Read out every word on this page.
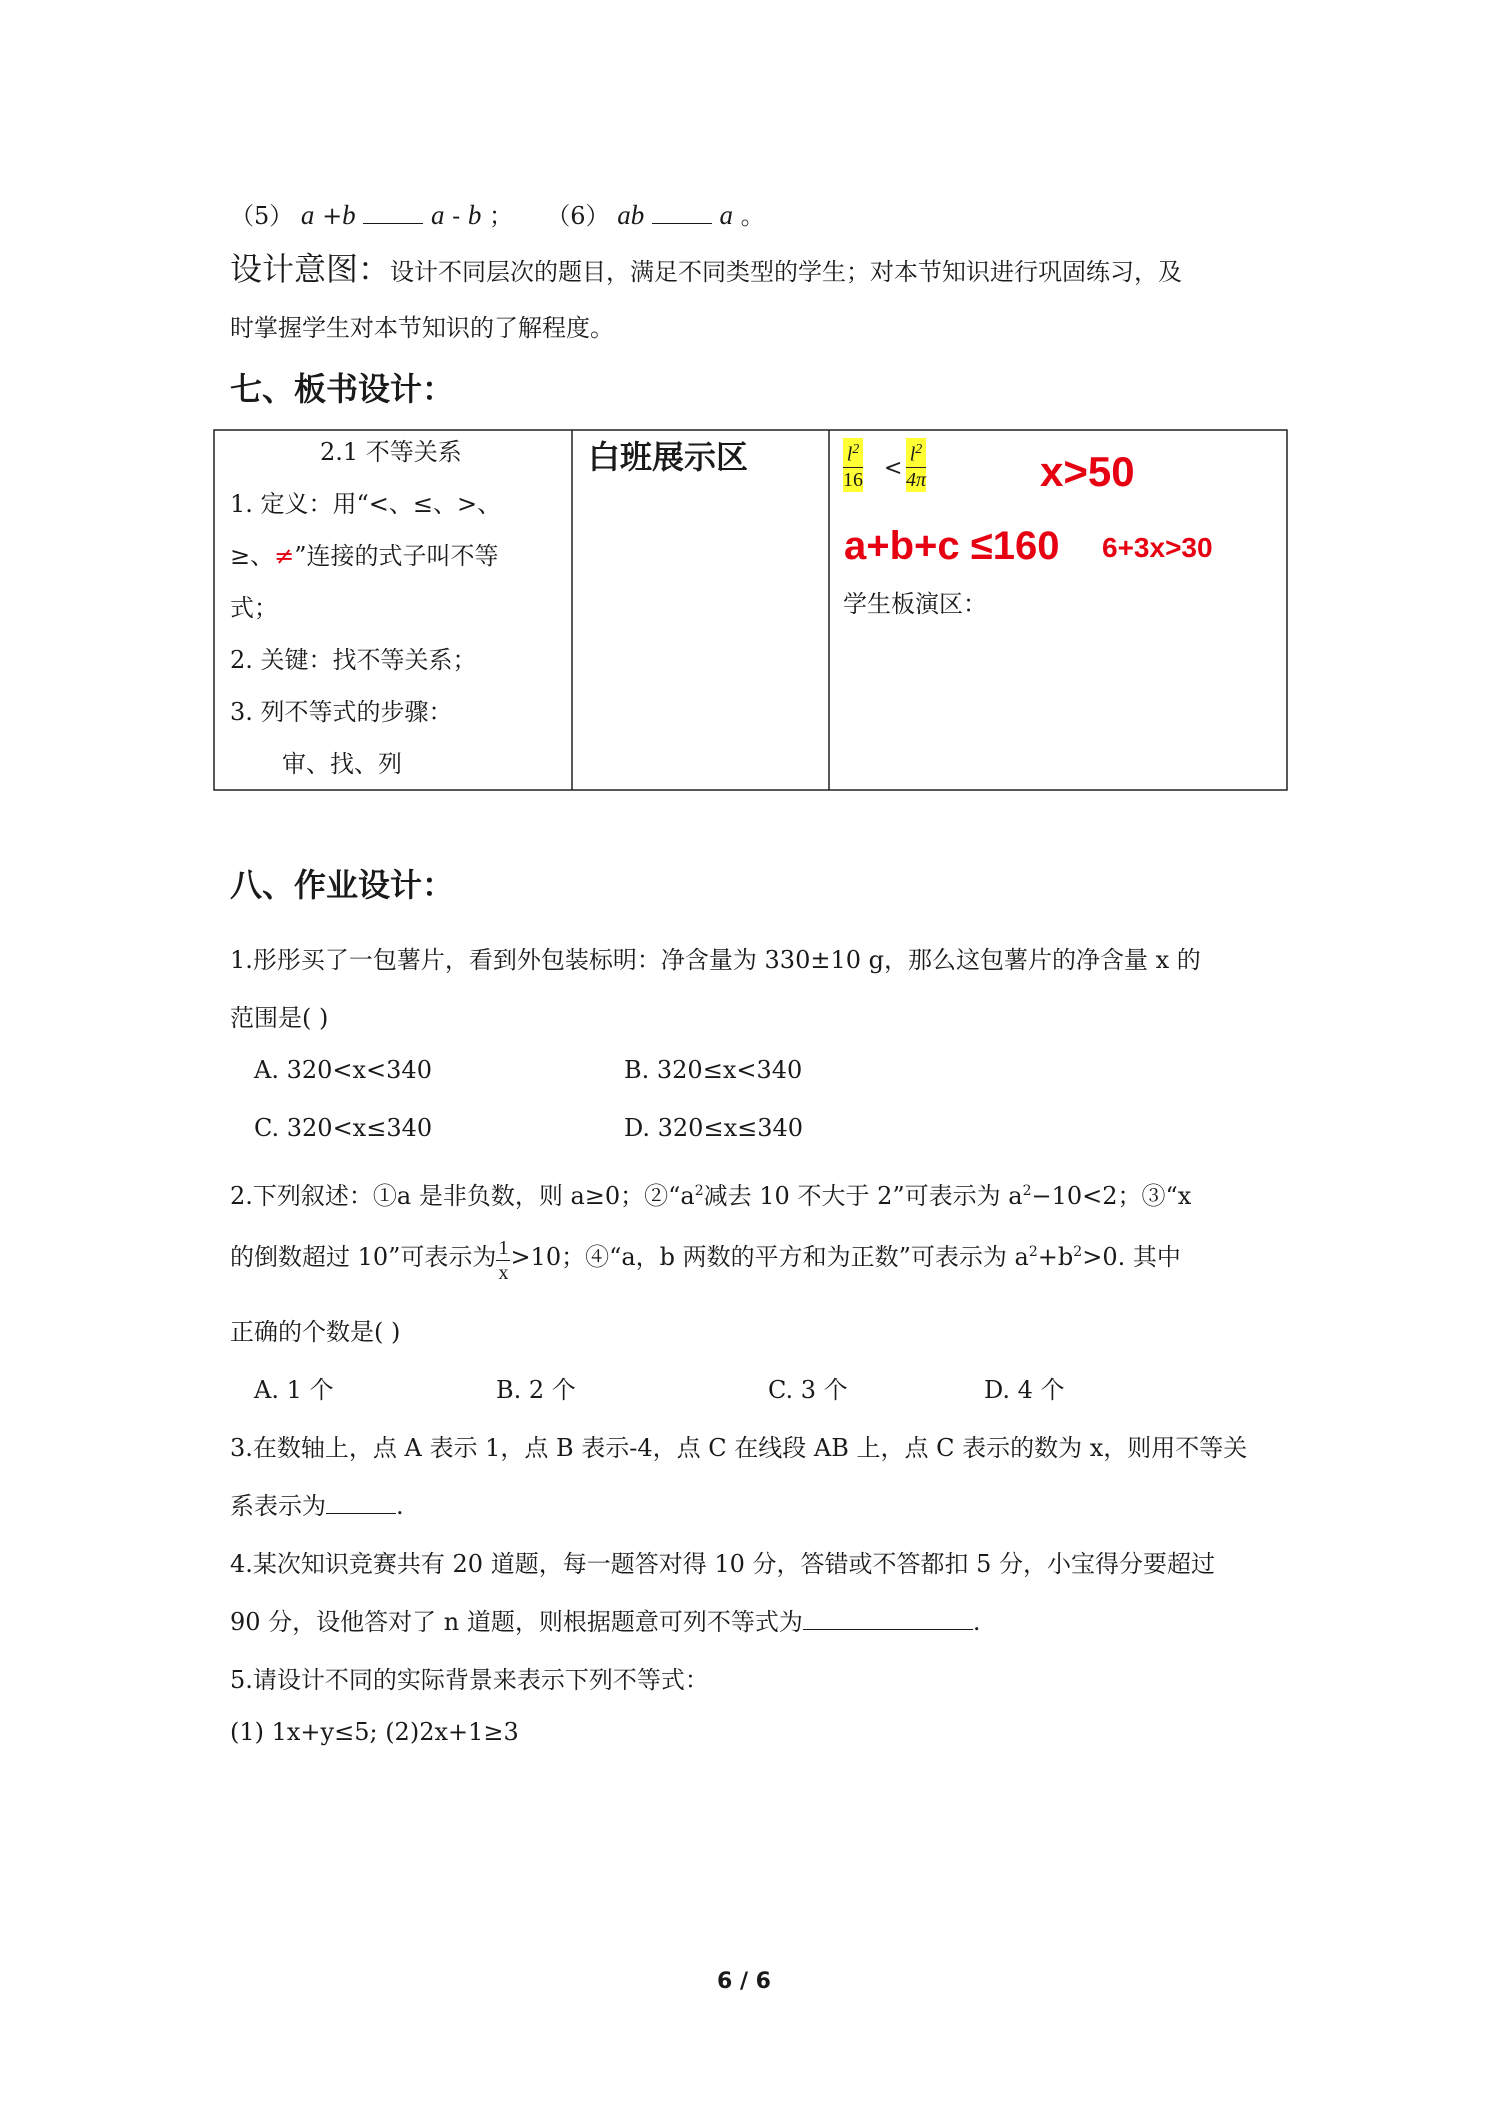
（5） a +b	a - b ； （6） ab	a 。
设计意图：设计不同层次的题目，满足不同类型的学生；对本节知识进行巩固练习，及
时掌握学生对本节知识的了解程度。
七、板书设计：
2.1 不等关系
1. 定义：用“<、≤、>、
≥、≠”连接的式子叫不等
式；
2. 关键：找不等关系；
3. 列不等式的步骤：
审、找、列
白班展示区	$\frac{l^2}{16} < \frac{l^2}{4\pi}$	x>50
a+b+c ≤160 6+3x>30
学生板演区：
八、作业设计：
1.彤彤买了一包薯片，看到外包装标明：净含量为 330±10 g，那么这包薯片的净含量 x 的
范围是( )
A. 320<x<340	B. 320≤x<340
C. 320<x≤340	D. 320≤x≤340
2.下列叙述：①a 是非负数，则 a≥0；$②“a^2$减去 10 不大于 2”可表示为 $a^2-10<2$；③“x
的倒数超过 10”可表示为 $\frac{1}{x} >10$；④“a，b 两数的平方和为正数”可表示为 $a^2+b^2>0$. 其中
正确的个数是( )
A. 1 个	B. 2 个	C. 3 个	D. 4 个
3.在数轴上，点 A 表示 1，点 B 表示-4，点 C 在线段 AB 上，点 C 表示的数为 x，则用不等关
系表示为	.
4.某次知识竞赛共有 20 道题，每一题答对得 10 分，答错或不答都扣 5 分，小宝得分要超过
90 分，设他答对了 n 道题，则根据题意可列不等式为	.
5.请设计不同的实际背景来表示下列不等式：
(1) 1x+y≤5; (2)2x+1≥3
6 / 6
